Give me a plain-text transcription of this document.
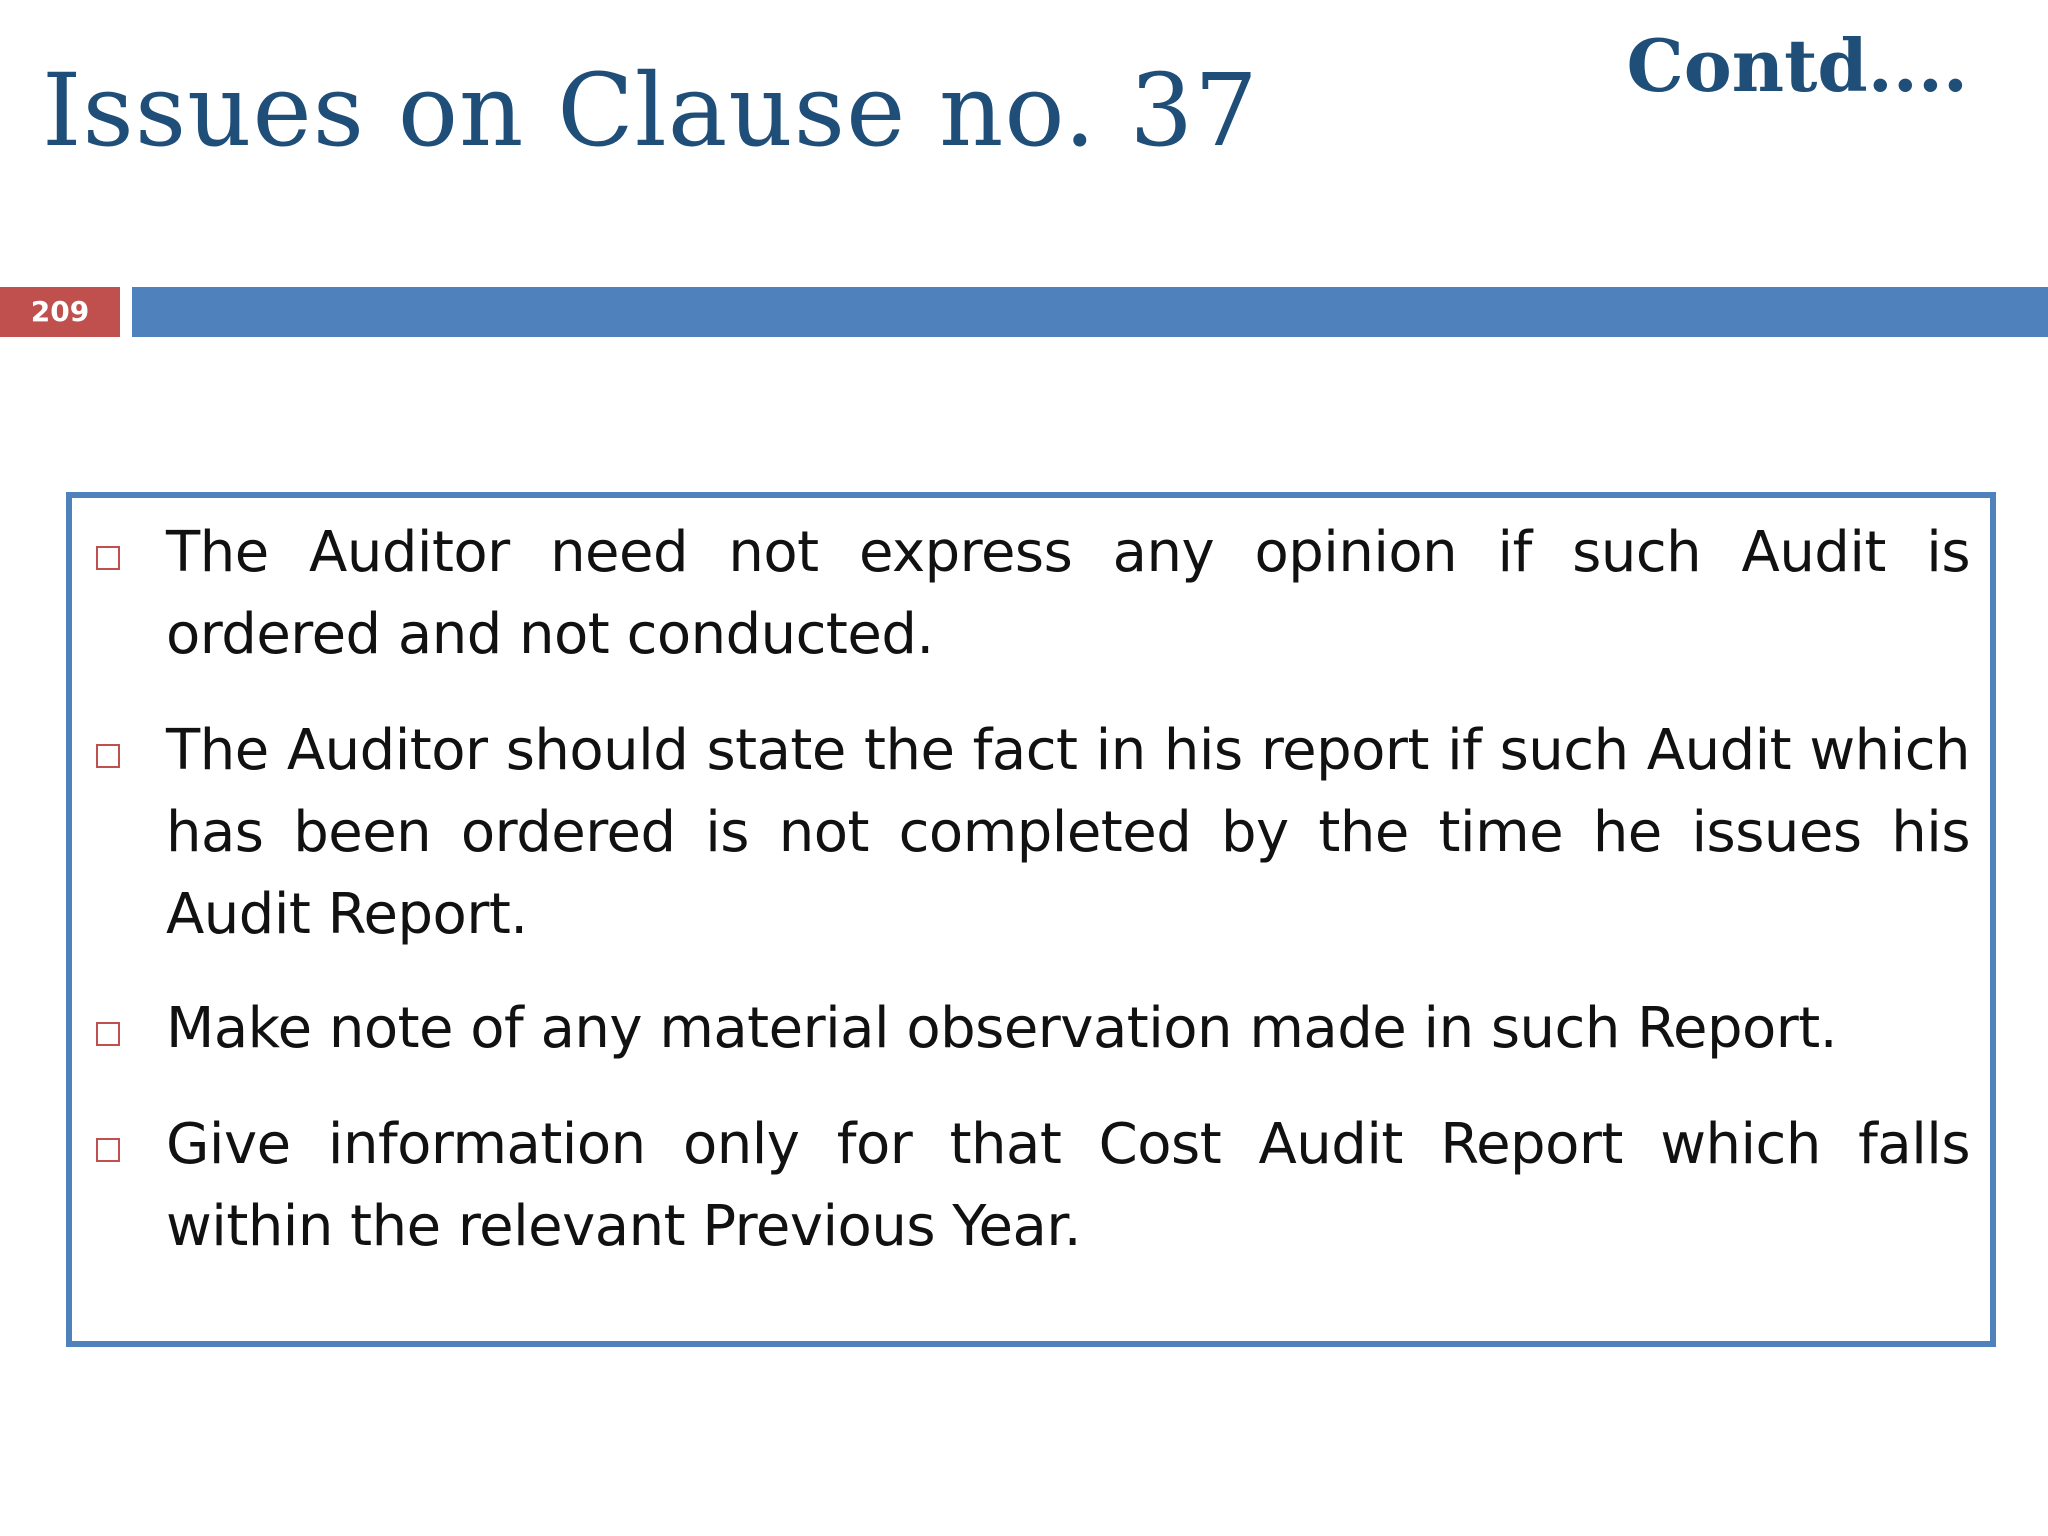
Issues on Clause no. 37	Contd....
209
The Auditor need not express any opinion if such Audit is ordered and not conducted.
The Auditor should state the fact in his report if such Audit which has been ordered is not completed by the time he issues his Audit Report.
Make note of any material observation made in such Report.
Give information only for that Cost Audit Report which falls within the relevant Previous Year.
